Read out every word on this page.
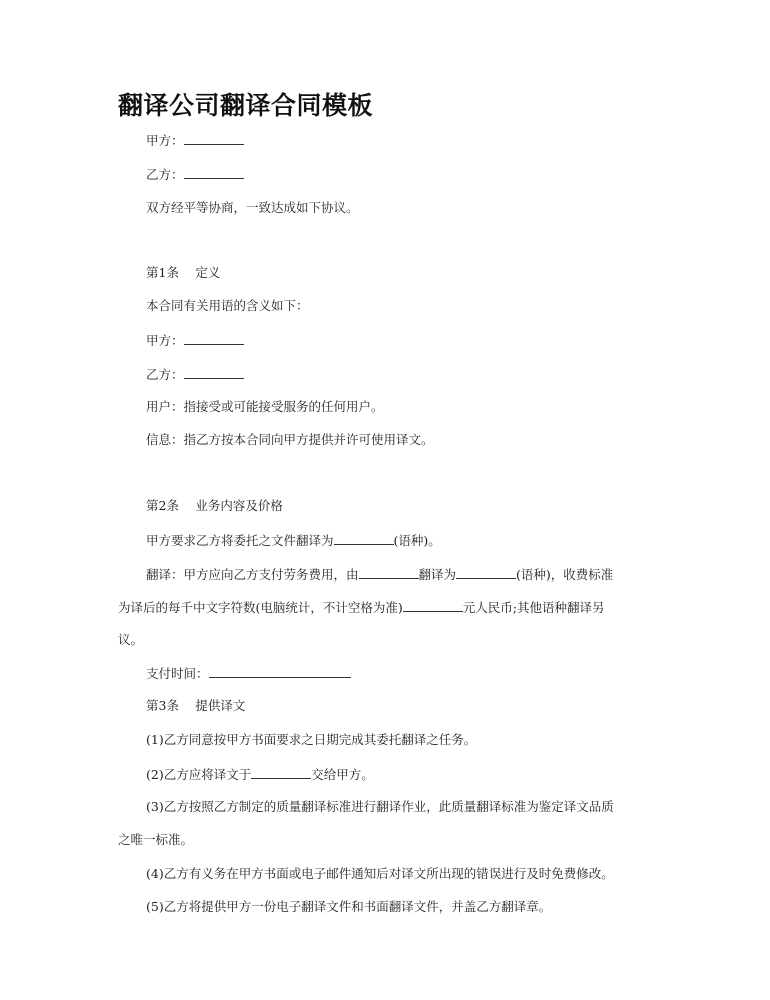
翻译公司翻译合同模板
甲方：
乙方：
双方经平等协商，一致达成如下协议。
第1条　 定义
本合同有关用语的含义如下：
甲方：
乙方：
用户：指接受或可能接受服务的任何用户。
信息：指乙方按本合同向甲方提供并许可使用译文。
第2条　 业务内容及价格
甲方要求乙方将委托之文件翻译为	(语种)。
翻译：甲方应向乙方支付劳务费用，由	翻译为	(语种)，收费标准
为译后的每千中文字符数(电脑统计，不计空格为准)	元人民币;其他语种翻译另
议。
支付时间：
第3条　 提供译文
(1)乙方同意按甲方书面要求之日期完成其委托翻译之任务。
(2)乙方应将译文于	交给甲方。
(3)乙方按照乙方制定的质量翻译标准进行翻译作业，此质量翻译标准为鉴定译文品质
之唯一标准。
(4)乙方有义务在甲方书面或电子邮件通知后对译文所出现的错误进行及时免费修改。
(5)乙方将提供甲方一份电子翻译文件和书面翻译文件，并盖乙方翻译章。
